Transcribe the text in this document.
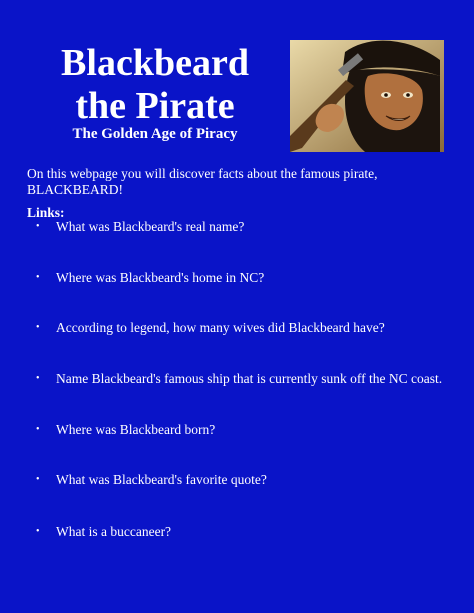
Blackbeard
the Pirate
The Golden Age of Piracy
On this webpage you will discover facts about the famous pirate,
BLACKBEARD!
Links:
• What was Blackbeard's real name?
• Where was Blackbeard's home in NC?
• According to legend, how many wives did Blackbeard have?
• Name Blackbeard's famous ship that is currently sunk off the NC coast.
• Where was Blackbeard born?
• What was Blackbeard's favorite quote?
• What is a buccaneer?
